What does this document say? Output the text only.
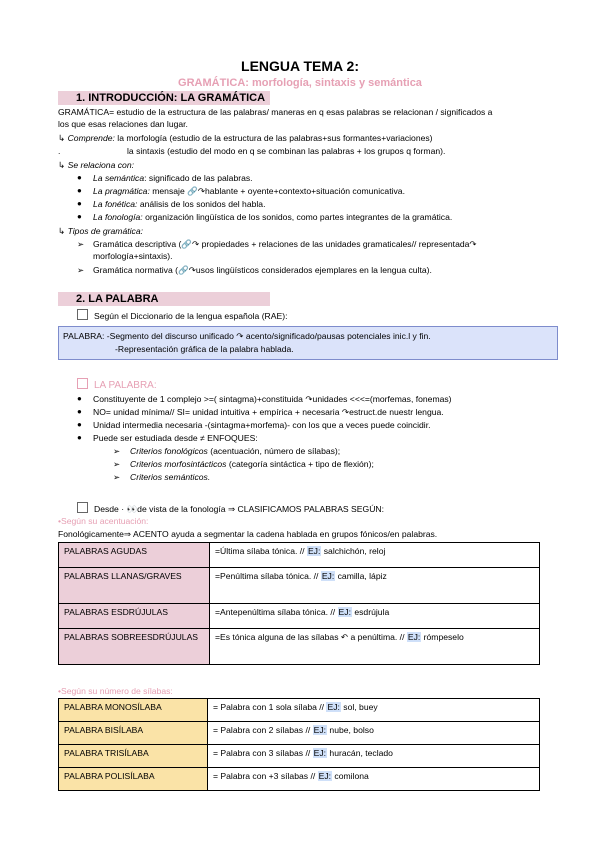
LENGUA TEMA 2:
GRAMÁTICA: morfología, sintaxis y semántica
1. INTRODUCCIÓN: LA GRAMÁTICA
GRAMÁTICA= estudio de la estructura de las palabras/ maneras en q esas palabras se relacionan / significados a
los que esas relaciones dan lugar.
↳ Comprende: la morfología (estudio de la estructura de las palabras+sus formantes+variaciones)
.	la sintaxis (estudio del modo en q se combinan las palabras + los grupos q forman).
↳ Se relaciona con:
● La semántica: significado de las palabras.
● La pragmática: mensaje 🔗↷hablante + oyente+contexto+situación comunicativa.
● La fonética: análisis de los sonidos del habla.
● La fonología: organización lingüística de los sonidos, como partes integrantes de la gramática.
↳ Tipos de gramática:
➢ Gramática descriptiva (🔗↷ propiedades + relaciones de las unidades gramaticales// representada↷
morfología+sintaxis).
➢ Gramática normativa (🔗↷usos lingüísticos considerados ejemplares en la lengua culta).
2. LA PALABRA
Según el Diccionario de la lengua española (RAE):
PALABRA: -Segmento del discurso unificado ↷ acento/significado/pausas potenciales inic.l y fin.
-Representación gráfica de la palabra hablada.
LA PALABRA:
● Constituyente de 1 complejo >=( sintagma)+constituida ↷unidades <<<=(morfemas, fonemas)
● NO= unidad mínima// SI= unidad intuitiva + empírica + necesaria ↷estruct.de nuestr lengua.
● Unidad intermedia necesaria -(sintagma+morfema)- con los que a veces puede coincidir.
● Puede ser estudiada desde ≠ ENFOQUES:
➢ Criterios fonológicos (acentuación, número de sílabas);
➢ Criterios morfosintácticos (categoría sintáctica + tipo de flexión);
➢ Criterios semánticos.
Desde · 👀de vista de la fonología ⇒ CLASIFICAMOS PALABRAS SEGÚN:
•Según su acentuación:
Fonológicamente⇒ ACENTO ayuda a segmentar la cadena hablada en grupos fónicos/en palabras.
PALABRAS AGUDAS	=Última sílaba tónica. // EJ: salchichón, reloj
PALABRAS LLANAS/GRAVES	=Penúltima sílaba tónica. // EJ: camilla, lápiz
PALABRAS ESDRÚJULAS	=Antepenúltima sílaba tónica. // EJ: esdrújula
PALABRAS SOBREESDRÚJULAS	=Es tónica alguna de las sílabas ↶ a penúltima. // EJ: rómpeselo
•Según su número de sílabas:
PALABRA MONOSÍLABA	= Palabra con 1 sola sílaba // EJ: sol, buey
PALABRA BISÍLABA	= Palabra con 2 sílabas // EJ: nube, bolso
PALABRA TRISÍLABA	= Palabra con 3 sílabas // EJ: huracán, teclado
PALABRA POLISÍLABA	= Palabra con +3 sílabas // EJ: comilona
